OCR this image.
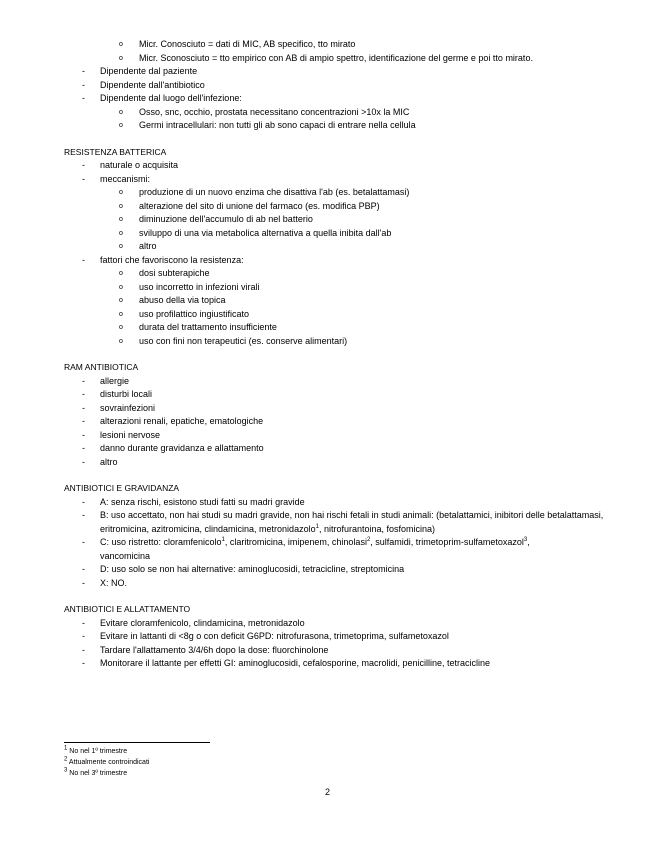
o Micr. Conosciuto = dati di MIC, AB specifico, tto mirato
o Micr. Sconosciuto = tto empirico con AB di ampio spettro, identificazione del germe e poi tto mirato.
- Dipendente dal paziente
- Dipendente dall'antibiotico
- Dipendente dal luogo dell'infezione:
o Osso, snc, occhio, prostata necessitano concentrazioni >10x la MIC
o Germi intracellulari: non tutti gli ab sono capaci di entrare nella cellula
RESISTENZA BATTERICA
- naturale o acquisita
- meccanismi:
o produzione di un nuovo enzima che disattiva l'ab (es. betalattamasi)
o alterazione del sito di unione del farmaco (es. modifica PBP)
o diminuzione dell'accumulo di ab nel batterio
o sviluppo di una via metabolica alternativa a quella inibita dall'ab
o altro
- fattori che favoriscono la resistenza:
o dosi subterapiche
o uso incorretto in infezioni virali
o abuso della via topica
o uso profilattico ingiustificato
o durata del trattamento insufficiente
o uso con fini non terapeutici (es. conserve alimentari)
RAM ANTIBIOTICA
- allergie
- disturbi locali
- sovrainfezioni
- alterazioni renali, epatiche, ematologiche
- lesioni nervose
- danno durante gravidanza e allattamento
- altro
ANTIBIOTICI E GRAVIDANZA
- A: senza rischi, esistono studi fatti su madri gravide
- B: uso accettato, non hai studi su madri gravide, non hai rischi fetali in studi animali: (betalattamici, inibitori delle betalattamasi, eritromicina, azitromicina, clindamicina, metronidazolo$^1$, nitrofurantoina, fosfomicina)
- C: uso ristretto: cloramfenicolo$^1$, claritromicina, imipenem, chinolasi$^2$, sulfamidi, trimetoprim-sulfametoxazol$^3$,
vancomicina
- D: uso solo se non hai alternative: aminoglucosidi, tetracicline, streptomicina
- X: NO.
ANTIBIOTICI E ALLATTAMENTO
- Evitare cloramfenicolo, clindamicina, metronidazolo
- Evitare in lattanti di <8g o con deficit G6PD: nitrofurasona, trimetoprima, sulfametoxazol
- Tardare l'allattamento 3/4/6h dopo la dose: fluorchinolone
- Monitorare il lattante per effetti GI: aminoglucosidi, cefalosporine, macrolidi, penicilline, tetracicline
$^1$ No nel 1º trimestre
$^2$ Attualmente controindicati
$^3$ No nel 3º trimestre
2
